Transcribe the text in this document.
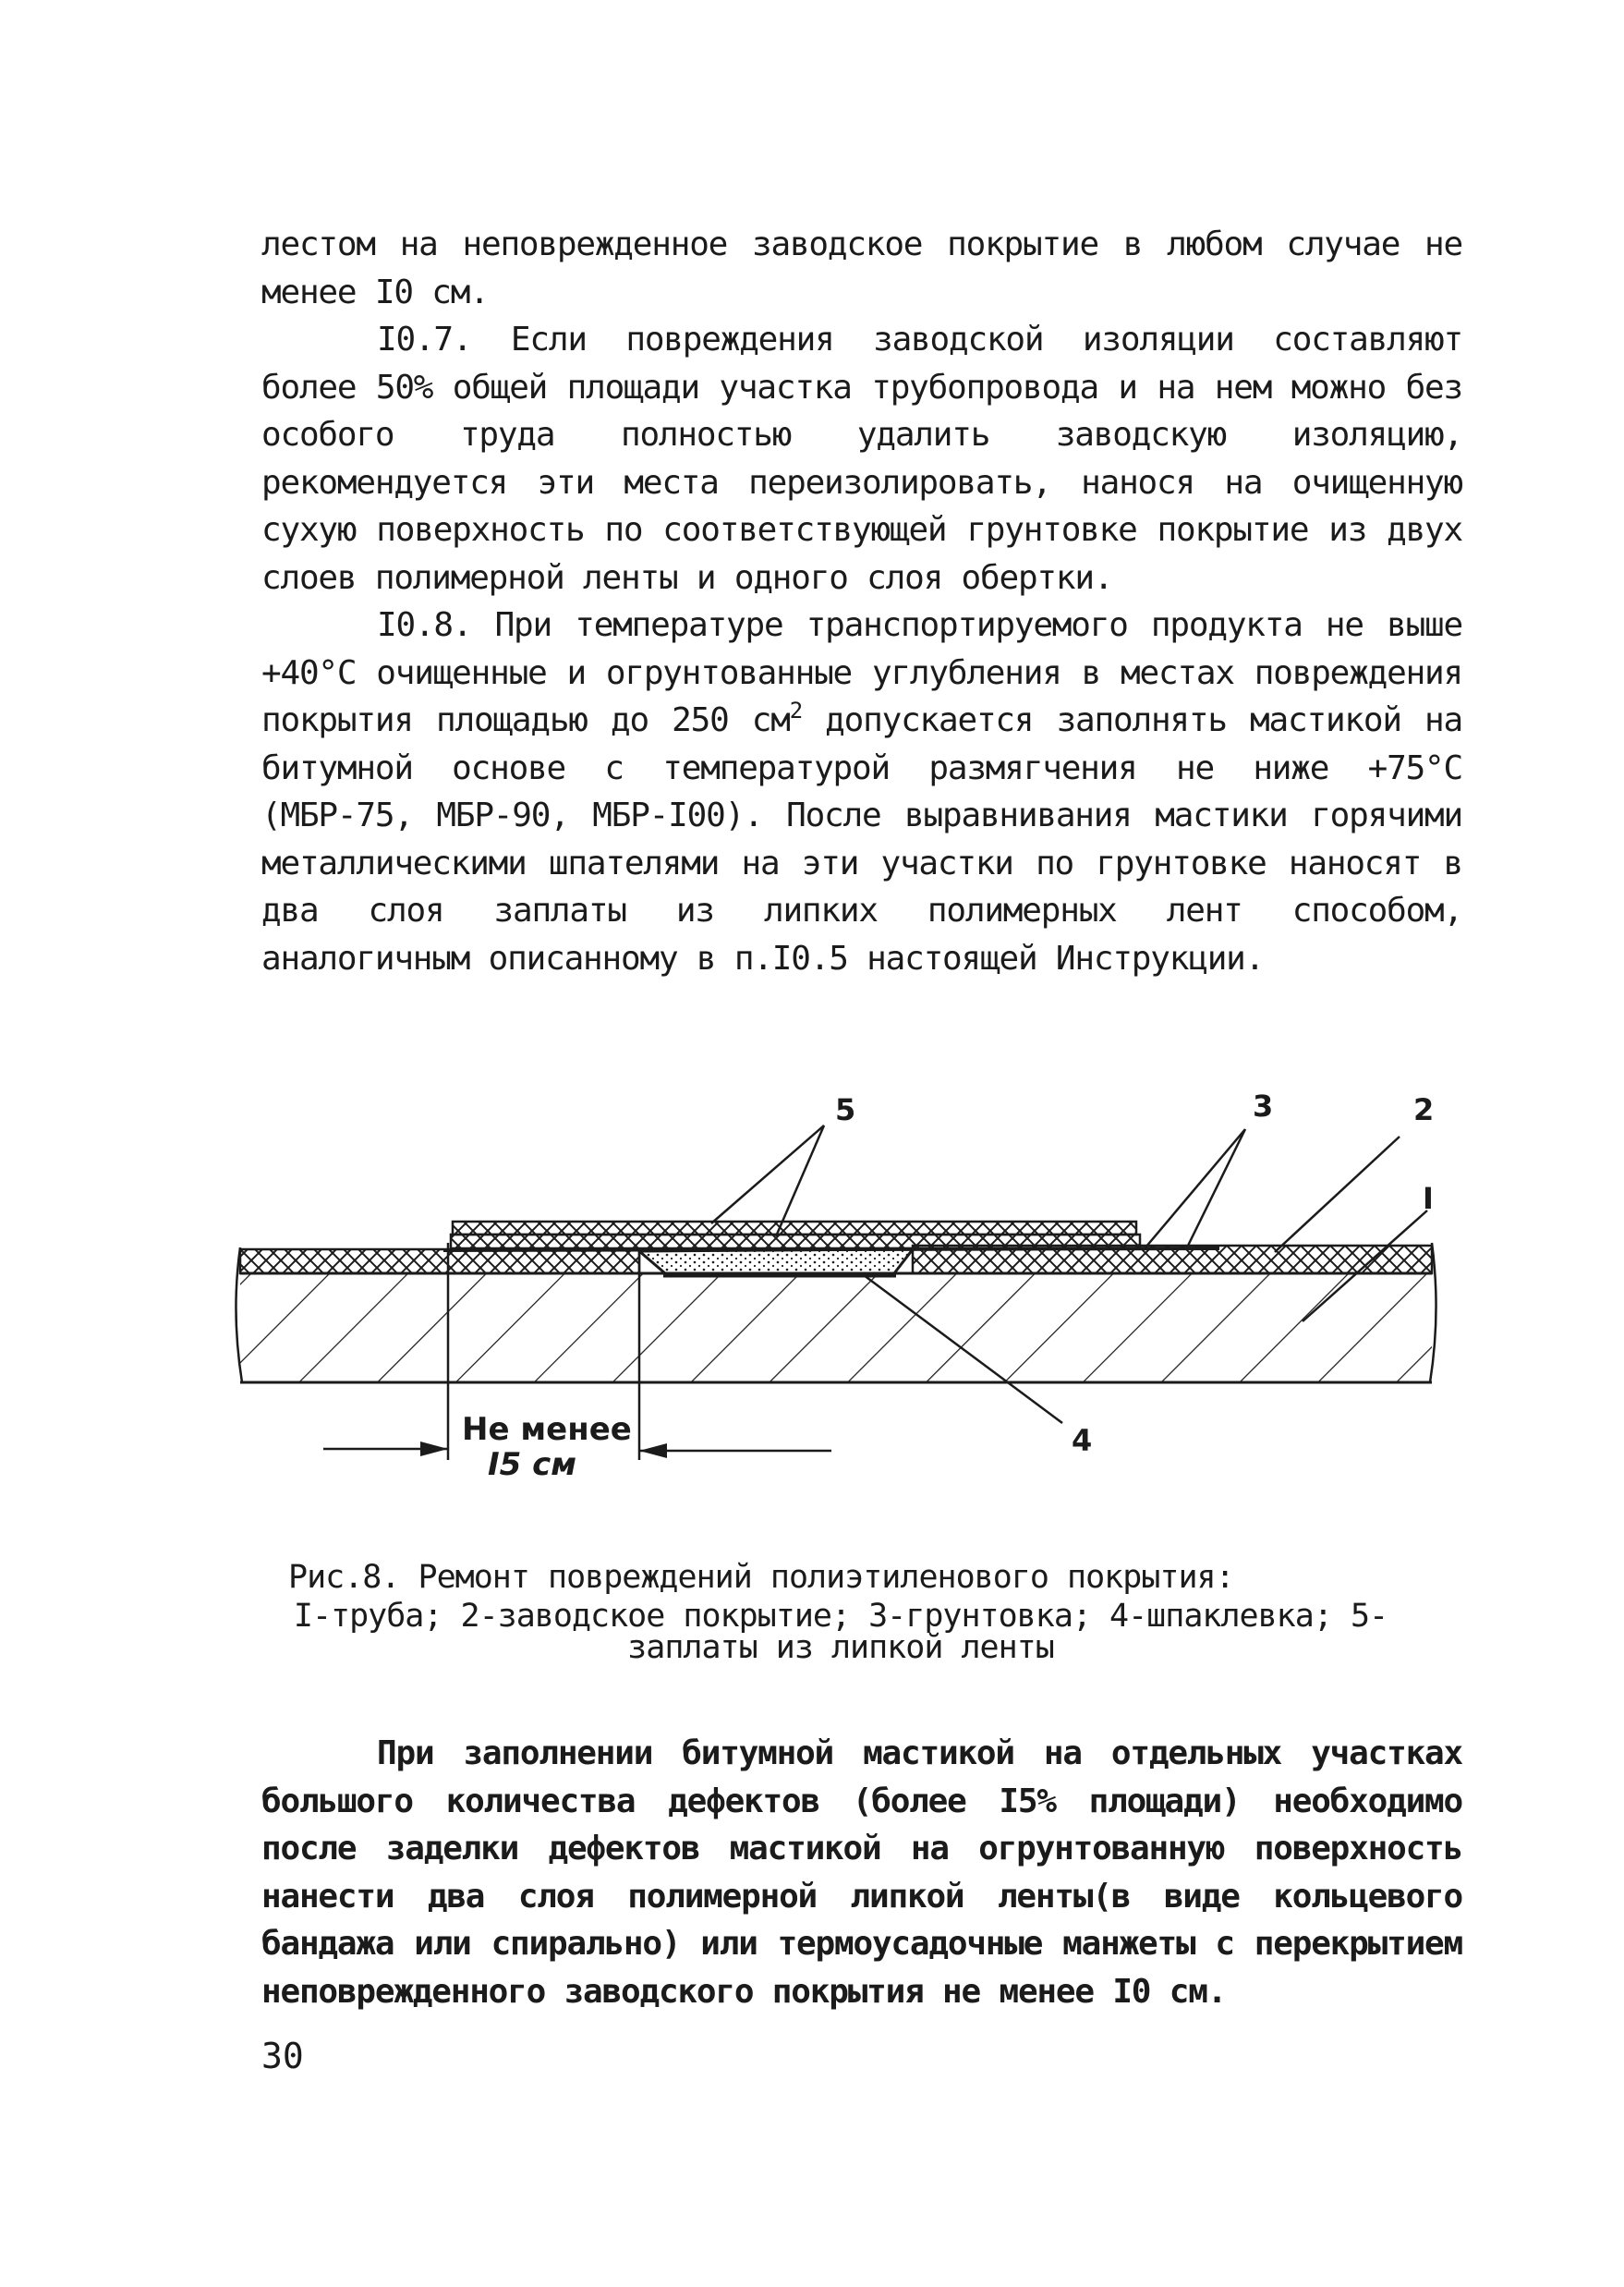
лестом на неповрежденное заводское покрытие в любом случае не менее I0 см.

I0.7. Если повреждения заводской изоляции составляют более 50% общей площади участка трубопровода и на нем можно без особого труда полностью удалить заводскую изоляцию, рекомендуется эти места переизолировать, нанося на очищенную сухую поверхность по соответствующей грунтовке покрытие из двух слоев полимерной ленты и одного слоя обертки.

I0.8. При температуре транспортируемого продукта не выше +40°С очищенные и огрунтованные углубления в местах повреждения покрытия площадью до 250 $см^2$ допускается заполнять мастикой на битумной основе с температурой размягчения не ниже +75°С (МБР-75, МБР-90, МБР-I00). После выравнивания мастики горячими металлическими шпателями на эти участки по грунтовке наносят в два слоя заплаты из липких полимерных лент способом, аналогичным описанному в п.I0.5 настоящей Инструкции.

5	3	2
I
4
Не менее
I5 см
Рис.8. Ремонт повреждений полиэтиленового покрытия:
I-труба; 2-заводское покрытие; 3-грунтовка; 4-шпаклевка; 5-
заплаты из липкой ленты

При заполнении битумной мастикой на отдельных участках большого количества дефектов (более I5% площади) необходимо после заделки дефектов мастикой на огрунтованную поверхность нанести два слоя полимерной липкой ленты(в виде кольцевого бандажа или спирально) или термоусадочные манжеты с перекрытием неповрежденного заводского покрытия не менее I0 см.

30
